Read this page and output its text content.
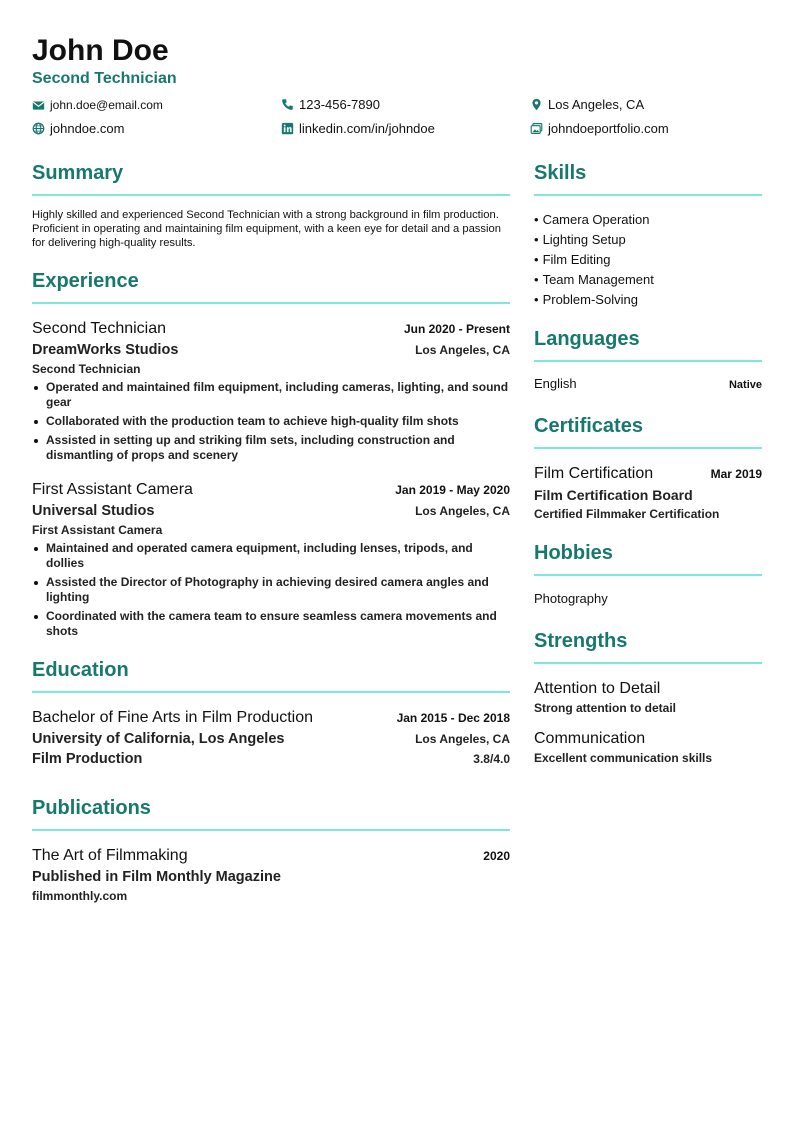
John Doe
Second Technician
john.doe@email.com	123-456-7890	Los Angeles, CA
johndoe.com	linkedin.com/in/johndoe	johndoeportfolio.com
Summary
Highly skilled and experienced Second Technician with a strong background in film production. Proficient in operating and maintaining film equipment, with a keen eye for detail and a passion for delivering high-quality results.
Experience
Second Technician	Jun 2020 - Present
DreamWorks Studios	Los Angeles, CA
Second Technician
Operated and maintained film equipment, including cameras, lighting, and sound gear
Collaborated with the production team to achieve high-quality film shots
Assisted in setting up and striking film sets, including construction and dismantling of props and scenery
First Assistant Camera	Jan 2019 - May 2020
Universal Studios	Los Angeles, CA
First Assistant Camera
Maintained and operated camera equipment, including lenses, tripods, and dollies
Assisted the Director of Photography in achieving desired camera angles and lighting
Coordinated with the camera team to ensure seamless camera movements and shots
Education
Bachelor of Fine Arts in Film Production	Jan 2015 - Dec 2018
University of California, Los Angeles	Los Angeles, CA
Film Production	3.8/4.0
Publications
The Art of Filmmaking	2020
Published in Film Monthly Magazine
filmmonthly.com
Skills
• Camera Operation
• Lighting Setup
• Film Editing
• Team Management
• Problem-Solving
Languages
English	Native
Certificates
Film Certification	Mar 2019
Film Certification Board
Certified Filmmaker Certification
Hobbies
Photography
Strengths
Attention to Detail
Strong attention to detail
Communication
Excellent communication skills
